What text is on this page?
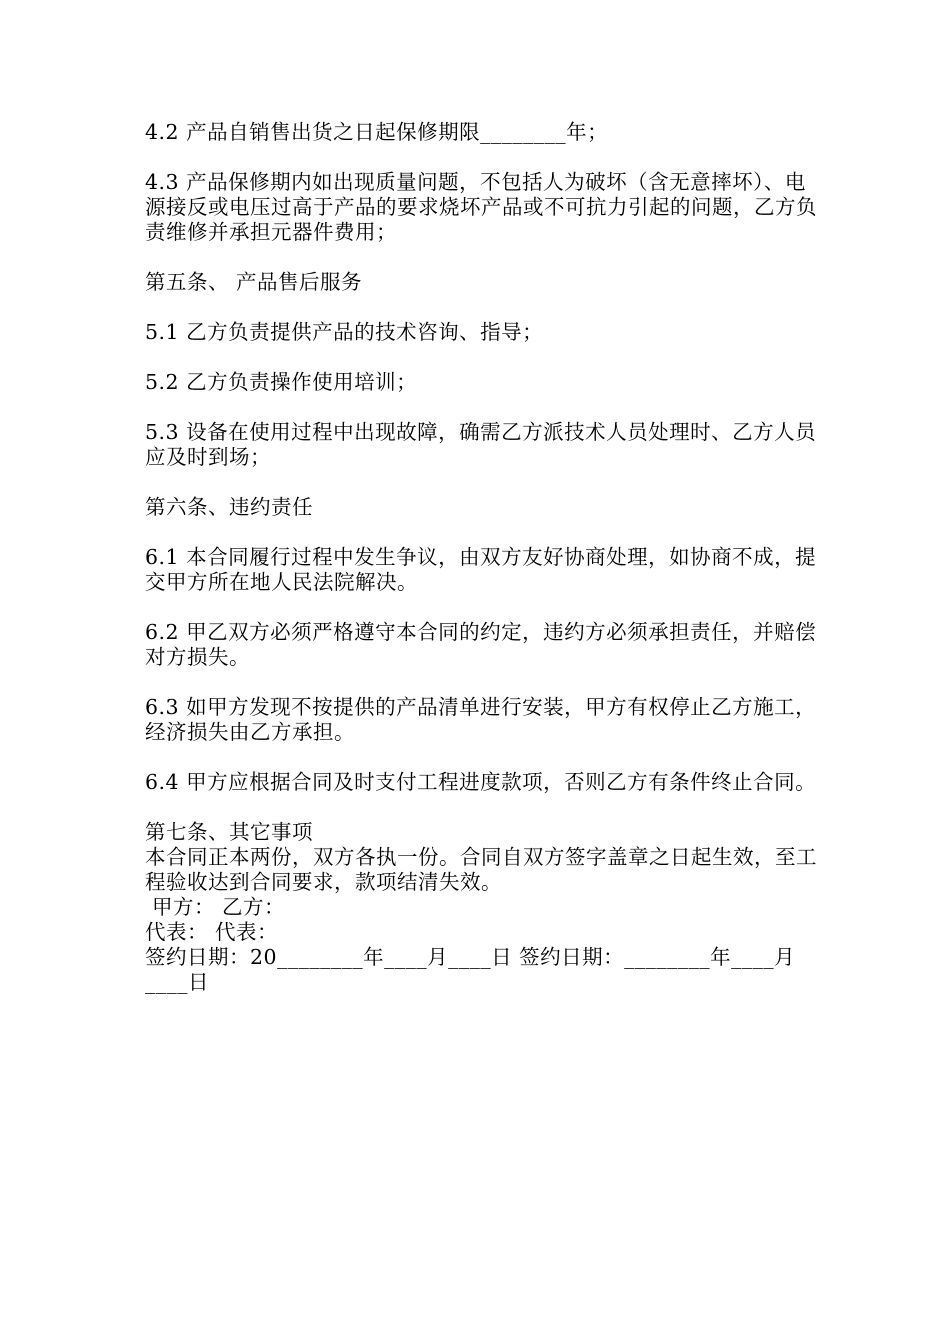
4.2 产品自销售出货之日起保修期限________年；

4.3 产品保修期内如出现质量问题，不包括人为破坏（含无意摔坏）、电源接反或电压过高于产品的要求烧坏产品或不可抗力引起的问题，乙方负责维修并承担元器件费用；

第五条、 产品售后服务

5.1 乙方负责提供产品的技术咨询、指导；

5.2 乙方负责操作使用培训；

5.3 设备在使用过程中出现故障，确需乙方派技术人员处理时、乙方人员应及时到场；

第六条、违约责任

6.1 本合同履行过程中发生争议，由双方友好协商处理，如协商不成，提交甲方所在地人民法院解决。

6.2 甲乙双方必须严格遵守本合同的约定，违约方必须承担责任，并赔偿对方损失。

6.3 如甲方发现不按提供的产品清单进行安装，甲方有权停止乙方施工，经济损失由乙方承担。

6.4 甲方应根据合同及时支付工程进度款项，否则乙方有条件终止合同。

第七条、其它事项

本合同正本两份，双方各执一份。合同自双方签字盖章之日起生效，至工程验收达到合同要求，款项结清失效。

甲方： 乙方：

代表： 代表：

签约日期：20________年____月____日 签约日期：________年____月____日
